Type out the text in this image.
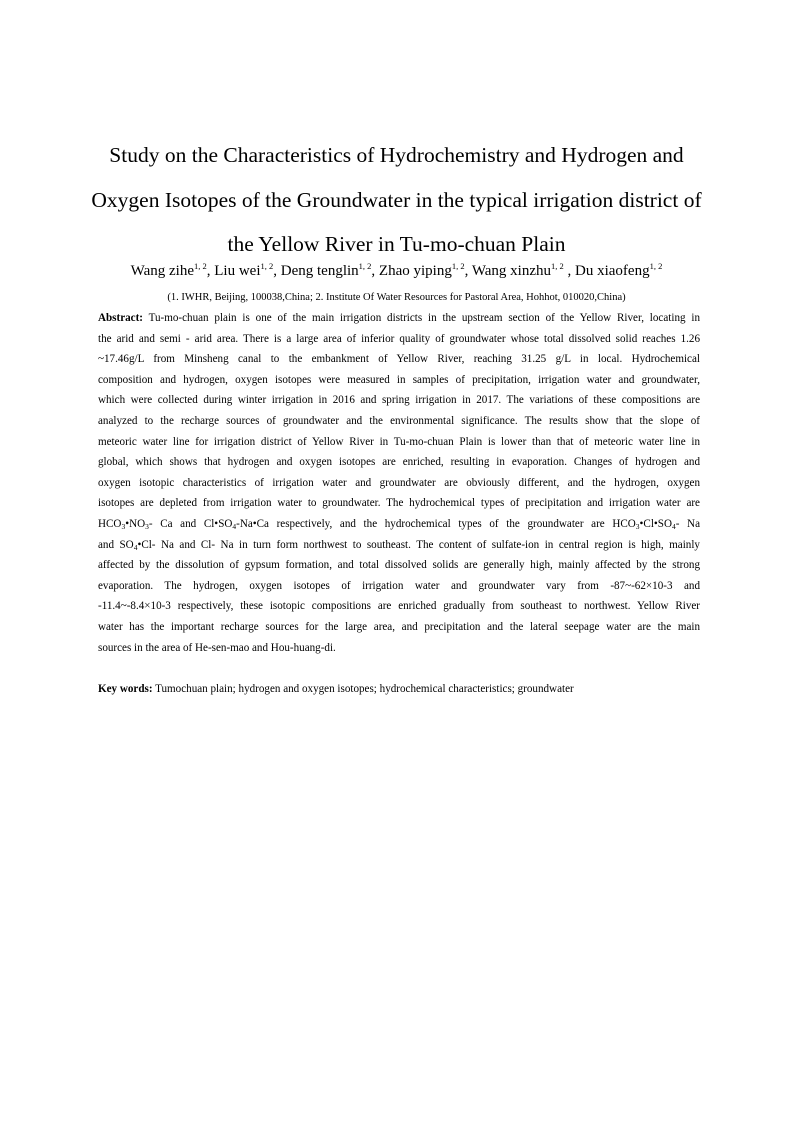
Study on the Characteristics of Hydrochemistry and Hydrogen and
Oxygen Isotopes of the Groundwater in the typical irrigation district of
the Yellow River in Tu-mo-chuan Plain
Wang zihe$^{1, 2}$, Liu wei$^{1, 2}$, Deng tenglin$^{1, 2}$, Zhao yiping$^{1, 2}$, Wang xinzhu$^{1, 2}$ , Du xiaofeng$^{1, 2}$
(1. IWHR, Beijing, 100038,China; 2. Institute Of Water Resources for Pastoral Area, Hohhot, 010020,China)
Abstract: Tu-mo-chuan plain is one of the main irrigation districts in the upstream section of the Yellow River, locating in
the arid and semi - arid area. There is a large area of inferior quality of groundwater whose total dissolved solid reaches 1.26
~17.46g/L from Minsheng canal to the embankment of Yellow River, reaching 31.25 g/L in local. Hydrochemical
composition and hydrogen, oxygen isotopes were measured in samples of precipitation, irrigation water and groundwater,
which were collected during winter irrigation in 2016 and spring irrigation in 2017. The variations of these compositions are
analyzed to the recharge sources of groundwater and the environmental significance. The results show that the slope of
meteoric water line for irrigation district of Yellow River in Tu-mo-chuan Plain is lower than that of meteoric water line in
global, which shows that hydrogen and oxygen isotopes are enriched, resulting in evaporation. Changes of hydrogen and
oxygen isotopic characteristics of irrigation water and groundwater are obviously different, and the hydrogen, oxygen
isotopes are depleted from irrigation water to groundwater. The hydrochemical types of precipitation and irrigation water are
$HCO_3•NO_3-$ Ca and $Cl•SO_4-Na•Ca$ respectively, and the hydrochemical types of the groundwater are $HCO_3•Cl•SO_4-$ Na
and $SO_4•Cl-$ Na and Cl- Na in turn form northwest to southeast. The content of sulfate-ion in central region is high, mainly
affected by the dissolution of gypsum formation, and total dissolved solids are generally high, mainly affected by the strong
evaporation. The hydrogen, oxygen isotopes of irrigation water and groundwater vary from -87~-62×10-3 and
-11.4~-8.4×10-3 respectively, these isotopic compositions are enriched gradually from southeast to northwest. Yellow River
water has the important recharge sources for the large area, and precipitation and the lateral seepage water are the main
sources in the area of He-sen-mao and Hou-huang-di.
Key words: Tumochuan plain; hydrogen and oxygen isotopes; hydrochemical characteristics; groundwater
